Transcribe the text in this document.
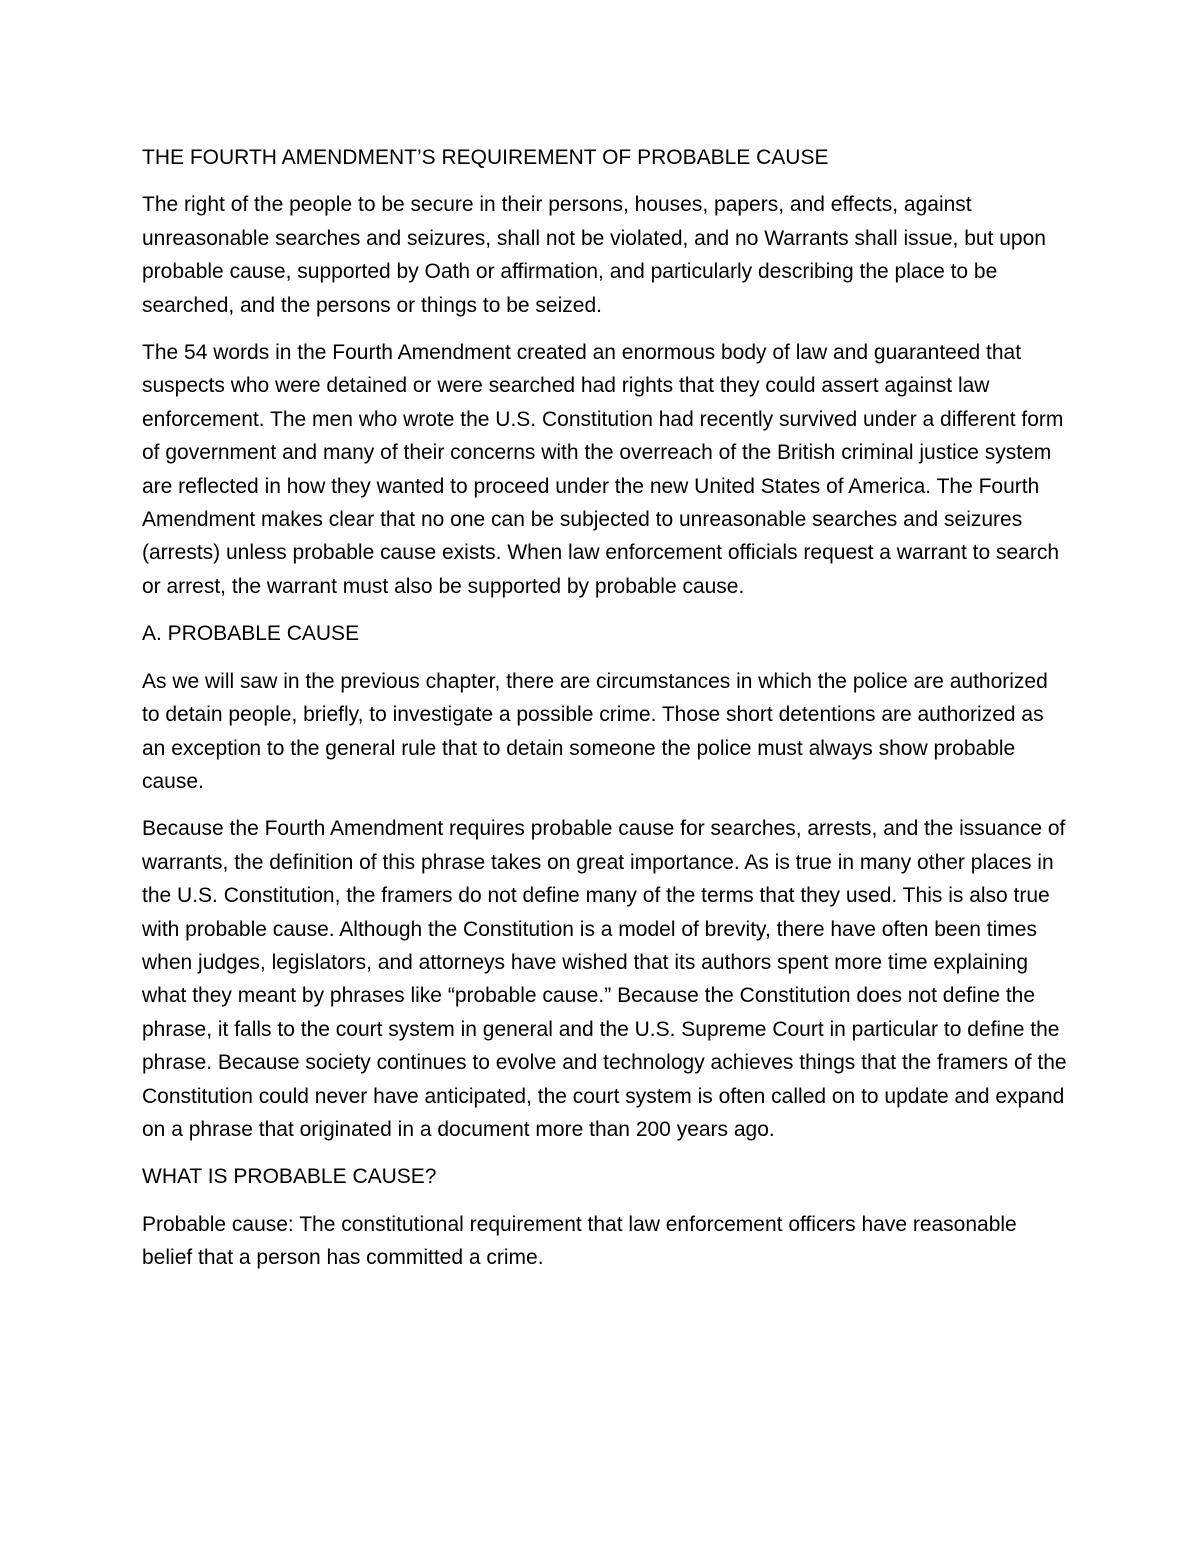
THE FOURTH AMENDMENT’S REQUIREMENT OF PROBABLE CAUSE

The right of the people to be secure in their persons, houses, papers, and effects, against unreasonable searches and seizures, shall not be violated, and no Warrants shall issue, but upon probable cause, supported by Oath or affirmation, and particularly describing the place to be searched, and the persons or things to be seized.

The 54 words in the Fourth Amendment created an enormous body of law and guaranteed that suspects who were detained or were searched had rights that they could assert against law enforcement. The men who wrote the U.S. Constitution had recently survived under a different form of government and many of their concerns with the overreach of the British criminal justice system are reflected in how they wanted to proceed under the new United States of America. The Fourth Amendment makes clear that no one can be subjected to unreasonable searches and seizures (arrests) unless probable cause exists. When law enforcement officials request a warrant to search or arrest, the warrant must also be supported by probable cause.

A. PROBABLE CAUSE

As we will saw in the previous chapter, there are circumstances in which the police are authorized to detain people, briefly, to investigate a possible crime. Those short detentions are authorized as an exception to the general rule that to detain someone the police must always show probable cause.

Because the Fourth Amendment requires probable cause for searches, arrests, and the issuance of warrants, the definition of this phrase takes on great importance. As is true in many other places in the U.S. Constitution, the framers do not define many of the terms that they used. This is also true with probable cause. Although the Constitution is a model of brevity, there have often been times when judges, legislators, and attorneys have wished that its authors spent more time explaining what they meant by phrases like “probable cause.” Because the Constitution does not define the phrase, it falls to the court system in general and the U.S. Supreme Court in particular to define the phrase. Because society continues to evolve and technology achieves things that the framers of the Constitution could never have anticipated, the court system is often called on to update and expand on a phrase that originated in a document more than 200 years ago.

WHAT IS PROBABLE CAUSE?

Probable cause: The constitutional requirement that law enforcement officers have reasonable belief that a person has committed a crime.
